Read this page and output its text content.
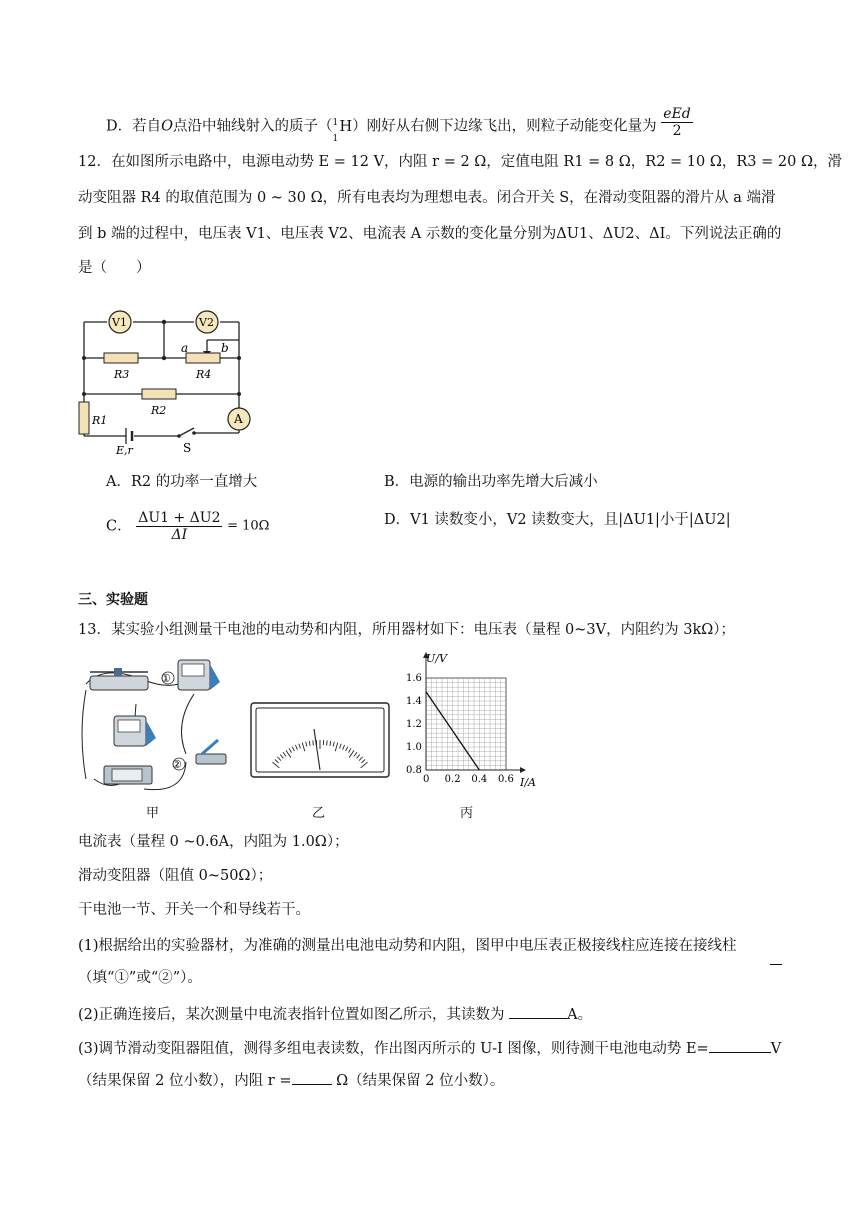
D．若自O点沿中轴线射入的质子（ 1
1
H）刚好从右侧下边缘飞出，则粒子动能变化量为 $\frac{\text{eEd}}{2}$
12．在如图所示电路中，电源电动势 E = 12 V，内阻 r = 2 Ω，定值电阻 R1 = 8 Ω，R2 = 10 Ω，R3 = 20 Ω，滑
动变阻器 R4 的取值范围为 0 ~ 30 Ω，所有电表均为理想电表。闭合开关 S，在滑动变阻器的滑片从 a 端滑
到 b 端的过程中，电压表 V1、电压表 V2、电流表 A 示数的变化量分别为ΔU1、ΔU2、ΔI。下列说法正确的
是（　　）
V1	V2
A
a	b
R3	R4
R2
R1
S
E,r
A．R2 的功率一直增大	B．电源的输出功率先增大后减小
C． $\frac{\Delta U1 + \Delta U2}{\Delta I} = 10\Omega$	D．V1 读数变小，V2 读数变大，且|ΔU1|小于|ΔU2|
三、实验题
13．某实验小组测量干电池的电动势和内阻，所用器材如下：电压表（量程 0~3V，内阻约为 3kΩ）；
①
②
甲	乙
0 0.2 0.4 0.6
0.8
1.0
1.2
1.4
1.6
U/V
I/A
丙
电流表（量程 0 ~0.6A，内阻为 1.0Ω）；
滑动变阻器（阻值 0~50Ω）；
干电池一节、开关一个和导线若干。
(1)根据给出的实验器材，为准确的测量出电池电动势和内阻，图甲中电压表正极接线柱应连接在接线柱
（填“①”或“②”）。
(2)正确连接后，某次测量中电流表指针位置如图乙所示，其读数为	A。
(3)调节滑动变阻器阻值，测得多组电表读数，作出图丙所示的 U-I 图像，则待测干电池电动势 E=	V
（结果保留 2 位小数），内阻 r =	Ω（结果保留 2 位小数）。
